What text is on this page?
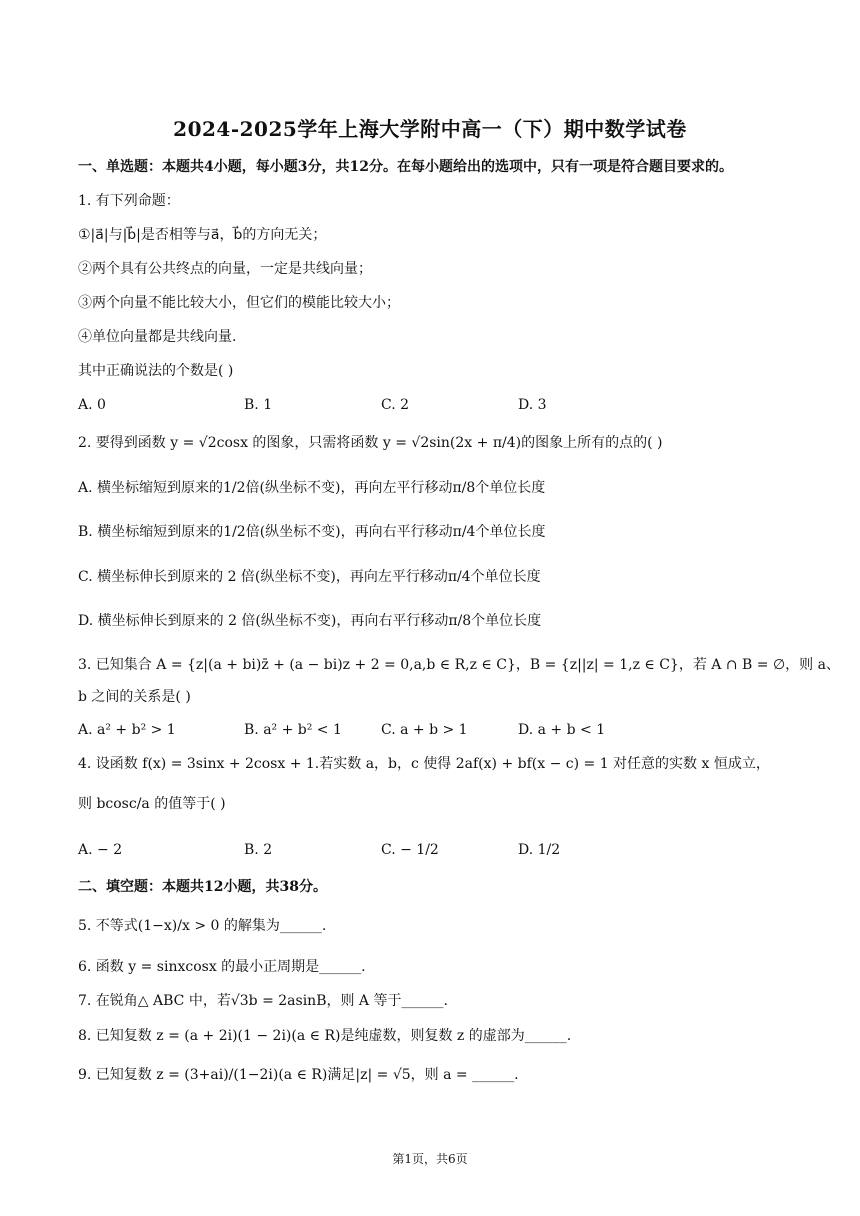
2024-2025学年上海大学附中高一（下）期中数学试卷
一、单选题：本题共4小题，每小题3分，共12分。在每小题给出的选项中，只有一项是符合题目要求的。
1. 有下列命题：
①|a⃗|与|b⃗|是否相等与a⃗，b⃗的方向无关；
②两个具有公共终点的向量，一定是共线向量；
③两个向量不能比较大小，但它们的模能比较大小；
④单位向量都是共线向量.
其中正确说法的个数是( )
A. 0	B. 1	C. 2	D. 3
2. 要得到函数 y = √2cosx 的图象，只需将函数 y = √2sin(2x + π/4)的图象上所有的点的( )
A. 横坐标缩短到原来的1/2倍(纵坐标不变)，再向左平行移动π/8个单位长度
B. 横坐标缩短到原来的1/2倍(纵坐标不变)，再向右平行移动π/4个单位长度
C. 横坐标伸长到原来的 2 倍(纵坐标不变)，再向左平行移动π/4个单位长度
D. 横坐标伸长到原来的 2 倍(纵坐标不变)，再向右平行移动π/8个单位长度
3. 已知集合 A = {z|(a + bi)z̄ + (a − bi)z + 2 = 0,a,b ∈ R,z ∈ C}，B = {z||z| = 1,z ∈ C}，若 A ∩ B = ∅，则 a、
b 之间的关系是( )
A. a² + b² > 1	B. a² + b² < 1	C. a + b > 1	D. a + b < 1
4. 设函数 f(x) = 3sinx + 2cosx + 1.若实数 a，b，c 使得 2af(x) + bf(x − c) = 1 对任意的实数 x 恒成立，
则 bcosc/a 的值等于( )
A. − 2	B. 2	C. − 1/2	D. 1/2
二、填空题：本题共12小题，共38分。
5. 不等式(1−x)/x > 0 的解集为______.
6. 函数 y = sinxcosx 的最小正周期是______.
7. 在锐角△ ABC 中，若√3b = 2asinB，则 A 等于______.
8. 已知复数 z = (a + 2i)(1 − 2i)(a ∈ R)是纯虚数，则复数 z 的虚部为______.
9. 已知复数 z = (3+ai)/(1−2i)(a ∈ R)满足|z| = √5，则 a = ______.
第1页，共6页
